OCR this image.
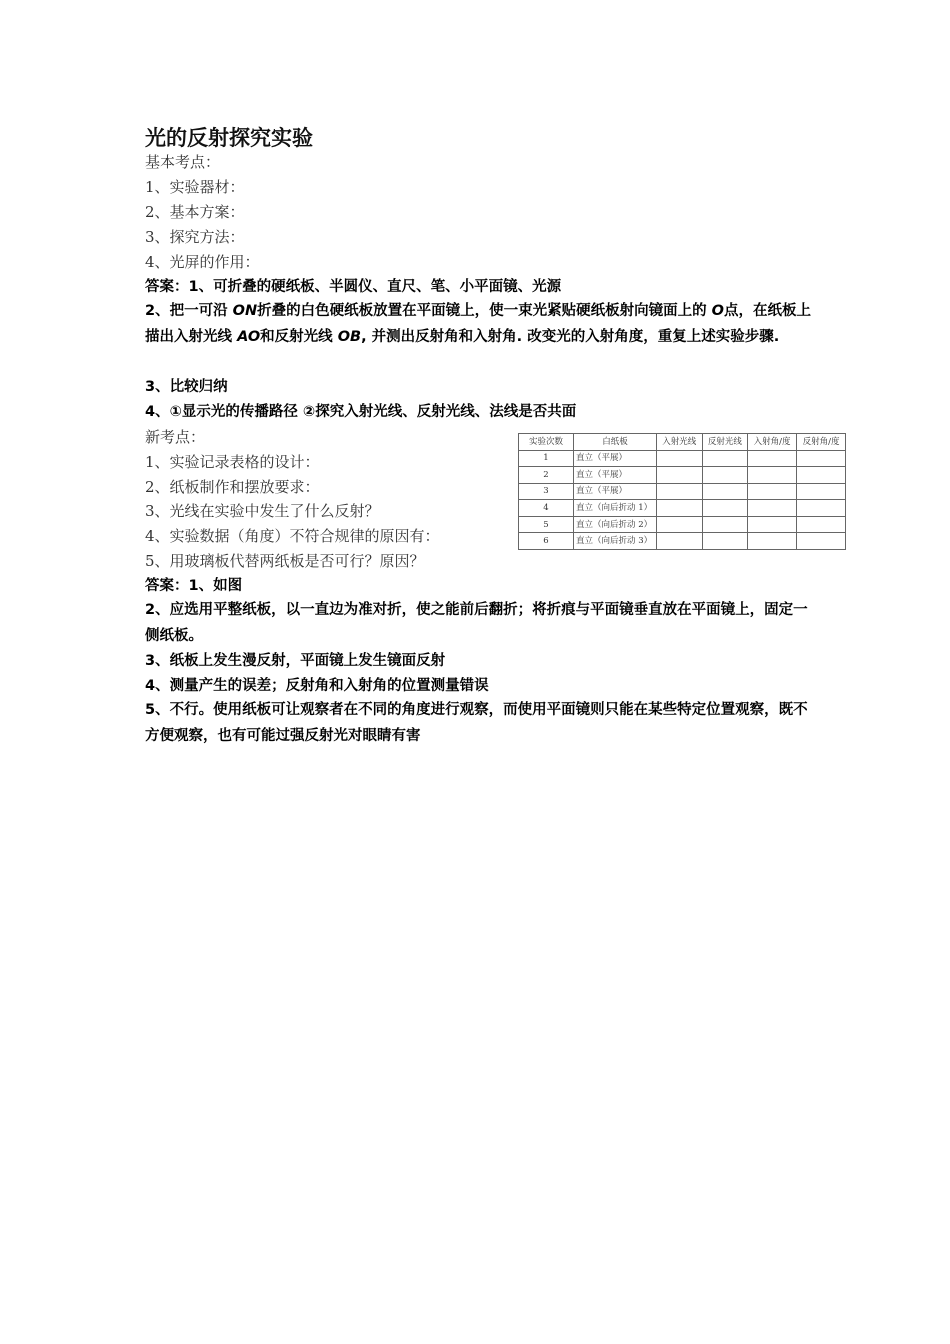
光的反射探究实验
基本考点：
1、实验器材：
2、基本方案：
3、探究方法：
4、光屏的作用：
答案：1、可折叠的硬纸板、半圆仪、直尺、笔、小平面镜、光源
2、把一可沿 ON折叠的白色硬纸板放置在平面镜上，使一束光紧贴硬纸板射向镜面上的 O点，在纸板上描出入射光线 AO和反射光线 OB, 并测出反射角和入射角. 改变光的入射角度，重复上述实验步骤.
3、比较归纳
4、①显示光的传播路径 ②探究入射光线、反射光线、法线是否共面
新考点：
1、实验记录表格的设计：
2、纸板制作和摆放要求：
3、光线在实验中发生了什么反射？
4、实验数据（角度）不符合规律的原因有：
5、用玻璃板代替两纸板是否可行？原因？
实验次数	白纸板	入射光线	反射光线	入射角/度	反射角/度
1	直立（平展）				
2	直立（平展）				
3	直立（平展）				
4	直立（向后折动 1）				
5	直立（向后折动 2）				
6	直立（向后折动 3）				
答案：1、如图
2、应选用平整纸板，以一直边为准对折，使之能前后翻折；将折痕与平面镜垂直放在平面镜上，固定一侧纸板。
3、纸板上发生漫反射，平面镜上发生镜面反射
4、测量产生的误差；反射角和入射角的位置测量错误
5、不行。使用纸板可让观察者在不同的角度进行观察，而使用平面镜则只能在某些特定位置观察，既不方便观察，也有可能过强反射光对眼睛有害
